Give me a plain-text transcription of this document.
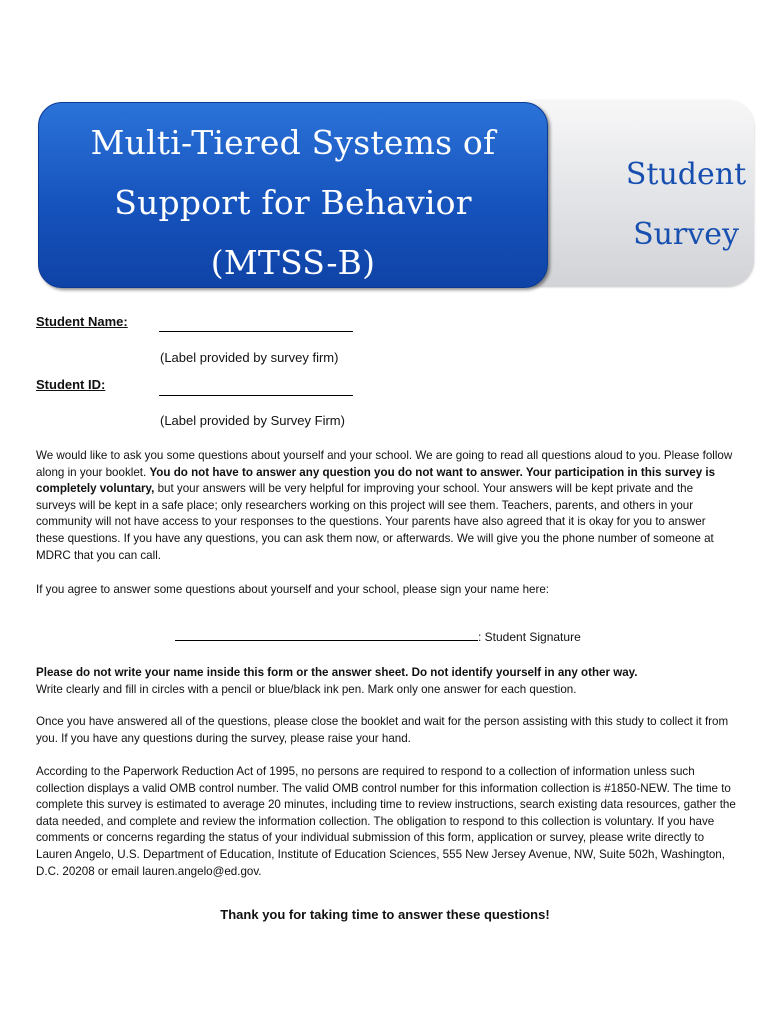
Student
Survey
Multi-Tiered Systems of
Support for Behavior
(MTSS-B)
Student Name:
(Label provided by survey firm)
Student ID:
(Label provided by Survey Firm)

We would like to ask you some questions about yourself and your school. We are going to read all questions aloud to you. Please follow along in your booklet. You do not have to answer any question you do not want to answer. Your participation in this survey is completely voluntary, but your answers will be very helpful for improving your school. Your answers will be kept private and the surveys will be kept in a safe place; only researchers working on this project will see them. Teachers, parents, and others in your community will not have access to your responses to the questions. Your parents have also agreed that it is okay for you to answer these questions. If you have any questions, you can ask them now, or afterwards. We will give you the phone number of someone at MDRC that you can call.

If you agree to answer some questions about yourself and your school, please sign your name here:

: Student Signature

Please do not write your name inside this form or the answer sheet. Do not identify yourself in any other way.
Write clearly and fill in circles with a pencil or blue/black ink pen. Mark only one answer for each question.

Once you have answered all of the questions, please close the booklet and wait for the person assisting with this study to collect it from you. If you have any questions during the survey, please raise your hand.

According to the Paperwork Reduction Act of 1995, no persons are required to respond to a collection of information unless such collection displays a valid OMB control number. The valid OMB control number for this information collection is #1850-NEW. The time to complete this survey is estimated to average 20 minutes, including time to review instructions, search existing data resources, gather the data needed, and complete and review the information collection. The obligation to respond to this collection is voluntary. If you have comments or concerns regarding the status of your individual submission of this form, application or survey, please write directly to Lauren Angelo, U.S. Department of Education, Institute of Education Sciences, 555 New Jersey Avenue, NW, Suite 502h, Washington, D.C. 20208 or email lauren.angelo@ed.gov.

Thank you for taking time to answer these questions!
